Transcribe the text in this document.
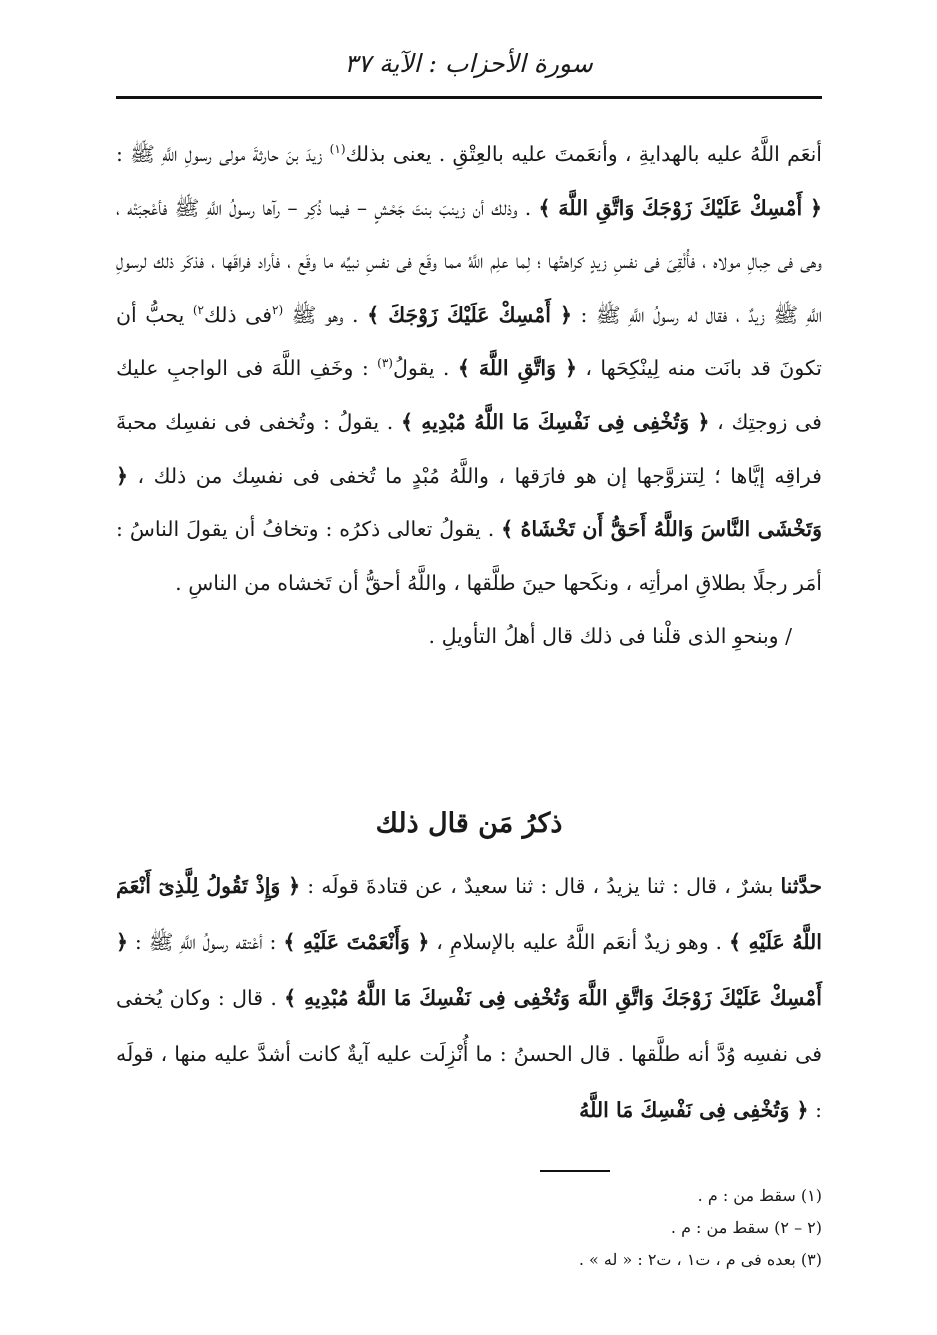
سورة الأحزاب : الآية ٣٧

أنعَم اللَّهُ عليه بالهدايةِ ، وأنعَمتَ عليه بالعِتْقِ . يعنى بذلك$^{(١)}$ زيدَ بنَ حارثةَ مولى رسولِ اللَّهِ ﷺ : ﴿ أَمْسِكْ عَلَيْكَ زَوْجَكَ وَاتَّقِ اللَّهَ ﴾ . وذلك أن زينبَ بنتَ جَحْشٍ – فيما ذُكِر – رآها رسولُ اللَّهِ ﷺ فأعْجبَتْه ، وهى فى حِبالِ مولاه ، فأُلْقِىَ فى نفسِ زيدٍ كراهتُها ؛ لِما علِم اللَّهُ مما وقَع فى نفسِ نبيِّه ما وقَع ، فأراد فراقَها ، فذكَر ذلك لرسولِ اللَّهِ ﷺ زيدٌ ، فقال له رسولُ اللَّهِ ﷺ : ﴿ أَمْسِكْ عَلَيْكَ زَوْجَكَ ﴾ . وهو ﷺ $^{(٢}$فى ذلك$^{٢)}$ يحبُّ أن تكونَ قد بانَت منه لِينْكِحَها ، ﴿ وَاتَّقِ اللَّهَ ﴾ . يقولُ$^{(٣)}$ : وخَفِ اللَّهَ فى الواجبِ عليك فى زوجتِك ، ﴿ وَتُخْفِى فِى نَفْسِكَ مَا اللَّهُ مُبْدِيهِ ﴾ . يقولُ : وتُخفى فى نفسِك محبةَ فراقِه إيَّاها ؛ لِتتزوَّجها إن هو فارَقها ، واللَّهُ مُبْدٍ ما تُخفى فى نفسِك من ذلك ، ﴿ وَتَخْشَى النَّاسَ وَاللَّهُ أَحَقُّ أَن تَخْشَاهُ ﴾ . يقولُ تعالى ذكرُه : وتخافُ أن يقولَ الناسُ : أمَر رجلًا بطلاقِ امرأتِه ، ونكَحها حينَ طلَّقها ، واللَّهُ أحقُّ أن تَخشاه من الناسِ .

/ وبنحوِ الذى قلْنا فى ذلك قال أهلُ التأويلِ .

ذكرُ مَن قال ذلك

حدَّثنا بشرٌ ، قال : ثنا يزيدُ ، قال : ثنا سعيدٌ ، عن قتادةَ قولَه : ﴿ وَإِذْ تَقُولُ لِلَّذِىٓ أَنْعَمَ اللَّهُ عَلَيْهِ ﴾ . وهو زيدٌ أنعَم اللَّهُ عليه بالإسلامِ ، ﴿ وَأَنْعَمْتَ عَلَيْهِ ﴾ : أعْتقه رسولُ اللَّهِ ﷺ : ﴿ أَمْسِكْ عَلَيْكَ زَوْجَكَ وَاتَّقِ اللَّهَ وَتُخْفِى فِى نَفْسِكَ مَا اللَّهُ مُبْدِيهِ ﴾ . قال : وكان يُخفى فى نفسِه وُدَّ أنه طلَّقها . قال الحسنُ : ما أُنْزِلَت عليه آيةٌ كانت أشدَّ عليه منها ، قولَه : ﴿ وَتُخْفِى فِى نَفْسِكَ مَا اللَّهُ

(١) سقط من : م .

(٢ – ٢) سقط من : م .

(٣) بعده فى م ، ت١ ، ت٢ : « له » .
